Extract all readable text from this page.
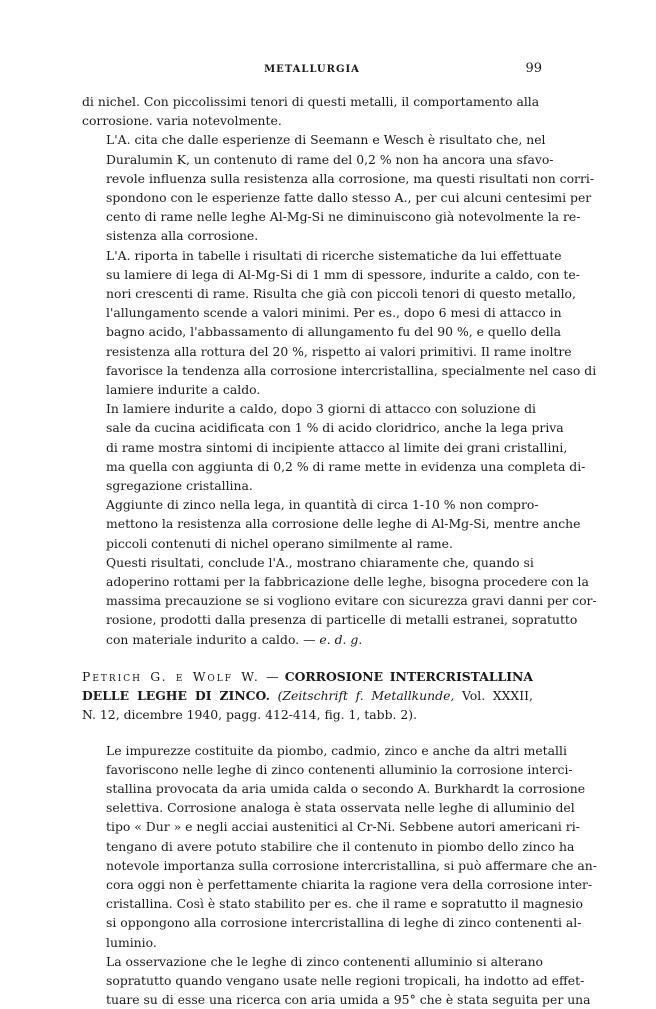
METALLURGIA	99
di nichel. Con piccolissimi tenori di questi metalli, il comportamento alla
corrosione. varia notevolmente.
L'A. cita che dalle esperienze di Seemann e Wesch è risultato che, nel
Duralumin K, un contenuto di rame del 0,2 % non ha ancora una sfavo-
revole influenza sulla resistenza alla corrosione, ma questi risultati non corri-
spondono con le esperienze fatte dallo stesso A., per cui alcuni centesimi per
cento di rame nelle leghe Al-Mg-Si ne diminuiscono già notevolmente la re-
sistenza alla corrosione.
L'A. riporta in tabelle i risultati di ricerche sistematiche da lui effettuate
su lamiere di lega di Al-Mg-Si di 1 mm di spessore, indurite a caldo, con te-
nori crescenti di rame. Risulta che già con piccoli tenori di questo metallo,
l'allungamento scende a valori minimi. Per es., dopo 6 mesi di attacco in
bagno acido, l'abbassamento di allungamento fu del 90 %, e quello della
resistenza alla rottura del 20 %, rispetto ai valori primitivi. Il rame inoltre
favorisce la tendenza alla corrosione intercristallina, specialmente nel caso di
lamiere indurite a caldo.
In lamiere indurite a caldo, dopo 3 giorni di attacco con soluzione di
sale da cucina acidificata con 1 % di acido cloridrico, anche la lega priva
di rame mostra sintomi di incipiente attacco al limite dei grani cristallini,
ma quella con aggiunta di 0,2 % di rame mette in evidenza una completa di-
sgregazione cristallina.
Aggiunte di zinco nella lega, in quantità di circa 1-10 % non compro-
mettono la resistenza alla corrosione delle leghe di Al-Mg-Si, mentre anche
piccoli contenuti di nichel operano similmente al rame.
Questi risultati, conclude l'A., mostrano chiaramente che, quando si
adoperino rottami per la fabbricazione delle leghe, bisogna procedere con la
massima precauzione se si vogliono evitare con sicurezza gravi danni per cor-
rosione, prodotti dalla presenza di particelle di metalli estranei, sopratutto
con materiale indurito a caldo. — e. d. g.
Petrich G. e Wolf W. — CORROSIONE INTERCRISTALLINA
DELLE LEGHE DI ZINCO. (Zeitschrift f. Metallkunde, Vol. XXXII,
N. 12, dicembre 1940, pagg. 412-414, fig. 1, tabb. 2).
Le impurezze costituite da piombo, cadmio, zinco e anche da altri metalli
favoriscono nelle leghe di zinco contenenti alluminio la corrosione interci-
stallina provocata da aria umida calda o secondo A. Burkhardt la corrosione
selettiva. Corrosione analoga è stata osservata nelle leghe di alluminio del
tipo « Dur » e negli acciai austenitici al Cr-Ni. Sebbene autori americani ri-
tengano di avere potuto stabilire che il contenuto in piombo dello zinco ha
notevole importanza sulla corrosione intercristallina, si può affermare che an-
cora oggi non è perfettamente chiarita la ragione vera della corrosione inter-
cristallina. Così è stato stabilito per es. che il rame e sopratutto il magnesio
si oppongono alla corrosione intercristallina di leghe di zinco contenenti al-
luminio.
La osservazione che le leghe di zinco contenenti alluminio si alterano
sopratutto quando vengano usate nelle regioni tropicali, ha indotto ad effet-
tuare su di esse una ricerca con aria umida a 95° che è stata seguita per una
